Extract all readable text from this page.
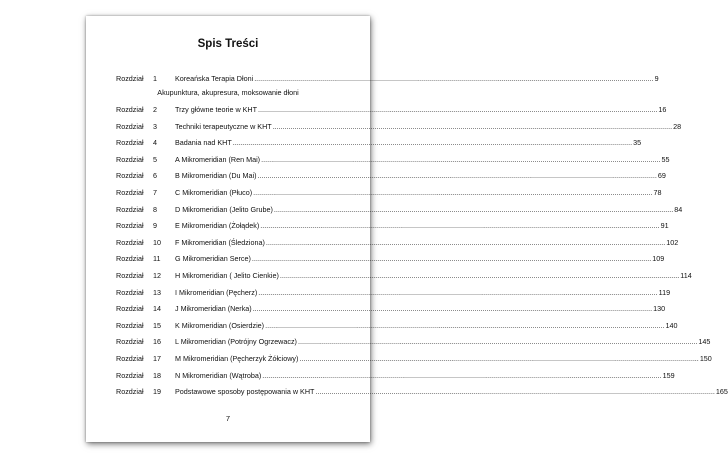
Spis Treści
Akupunktura, akupresura, moksowanie dłoni
Rozdział 1	Koreańska Terapia Dłoni ........................................................................................................................................................................................................ 9
Rozdział 2	Trzy główne teorie w KHT ........................................................................................................................................................................................................ 16
Rozdział 3	Techniki terapeutyczne w KHT ........................................................................................................................................................................................................ 28
Rozdział 4	Badania nad KHT ........................................................................................................................................................................................................ 35
Rozdział 5	A Mikromeridian (Ren Mai) ........................................................................................................................................................................................................ 55
Rozdział 6	B Mikromeridian (Du Mai) ........................................................................................................................................................................................................ 69
Rozdział 7	C Mikromeridian (Płuco) ........................................................................................................................................................................................................ 78
Rozdział 8	D Mikromeridian (Jelito Grube) ........................................................................................................................................................................................................ 84
Rozdział 9	E Mikromeridian (Żołądek) ........................................................................................................................................................................................................ 91
Rozdział 10	F Mikromeridian (Śledziona) ........................................................................................................................................................................................................ 102
Rozdział 11	G Mikromeridian Serce) ........................................................................................................................................................................................................ 109
Rozdział 12	H Mikromeridian ( Jelito Cienkie) ........................................................................................................................................................................................................ 114
Rozdział 13	I Mikromeridian (Pęcherz) ........................................................................................................................................................................................................ 119
Rozdział 14	J Mikromeridian (Nerka) ........................................................................................................................................................................................................ 130
Rozdział 15	K Mikromeridian (Osierdzie) ........................................................................................................................................................................................................ 140
Rozdział 16	L Mikromeridian (Potrójny Ogrzewacz) ........................................................................................................................................................................................................ 145
Rozdział 17	M Mikromeridian (Pęcherzyk Żółciowy) ........................................................................................................................................................................................................ 150
Rozdział 18	N Mikromeridian (Wątroba) ........................................................................................................................................................................................................ 159
Rozdział 19	Podstawowe sposoby postępowania w KHT ........................................................................................................................................................................................................ 165
7
